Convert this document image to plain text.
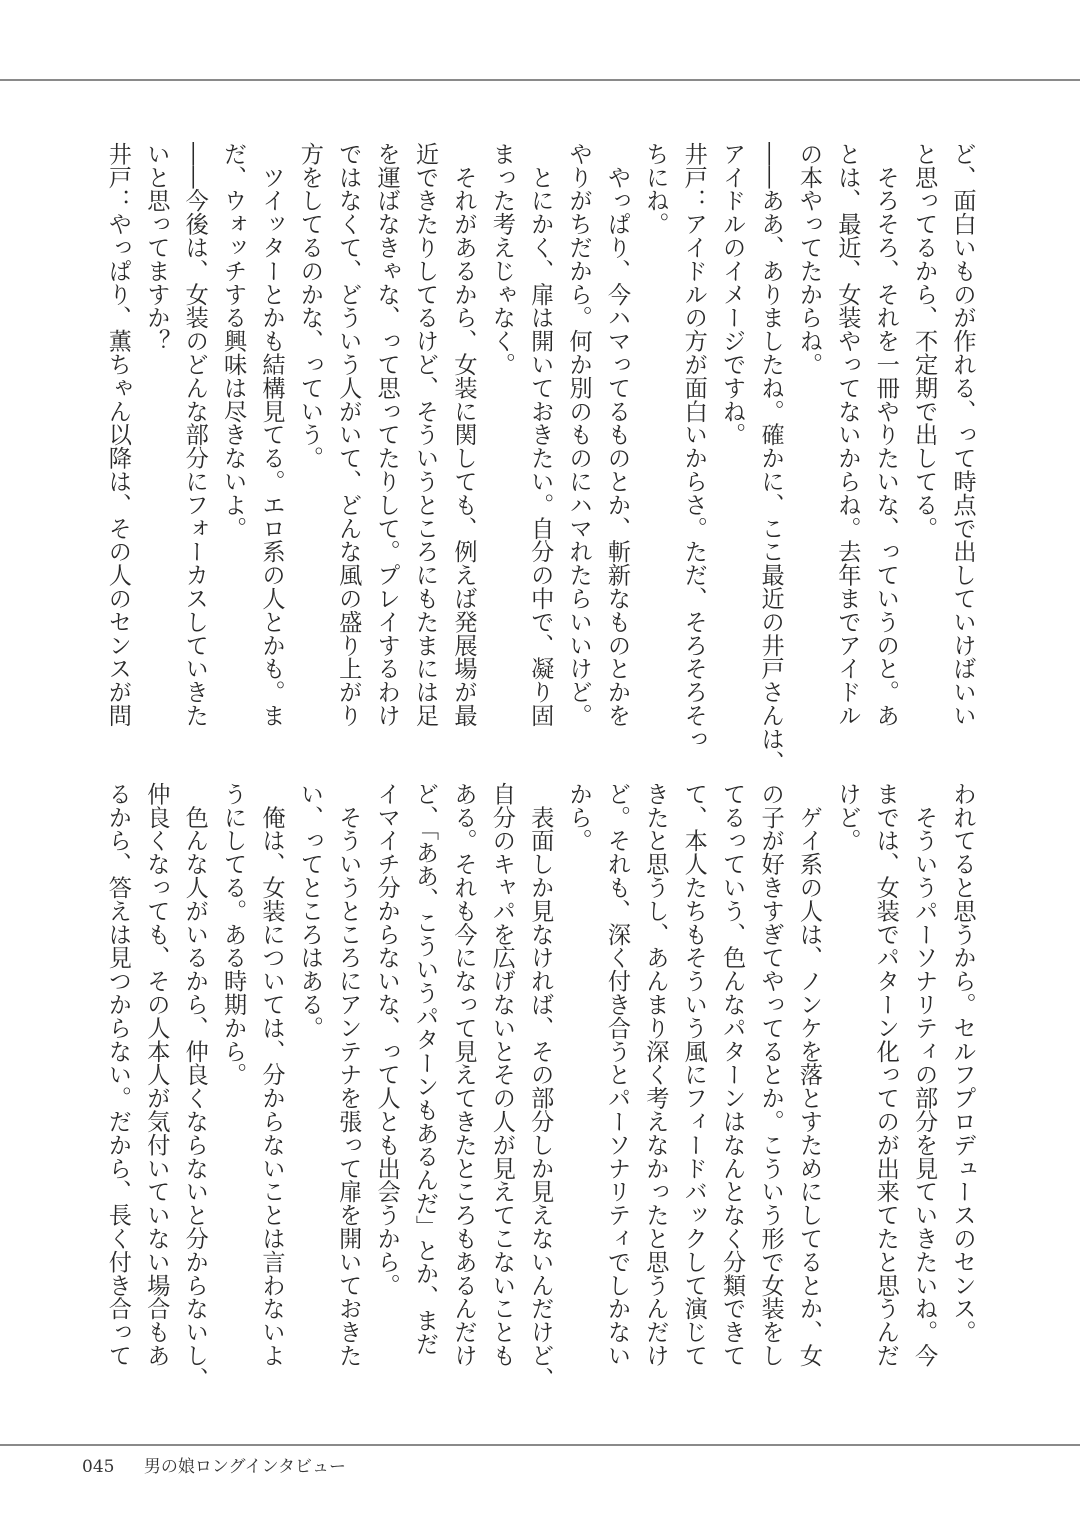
ど、面白いものが作れる、って時点で出していけばいい
と思ってるから、不定期で出してる。
　そろそろ、それを一冊やりたいな、っていうのと。あ
とは、最近、女装やってないからね。去年までアイドル
の本やってたからね。
――ああ、ありましたね。確かに、ここ最近の井戸さんは、
アイドルのイメージですね。
井戸：アイドルの方が面白いからさ。ただ、そろそろそっ
ちにね。
　やっぱり、今ハマってるものとか、斬新なものとかを
やりがちだから。何か別のものにハマれたらいいけど。
　とにかく、扉は開いておきたい。自分の中で、凝り固
まった考えじゃなく。
　それがあるから、女装に関しても、例えば発展場が最
近できたりしてるけど、そういうところにもたまには足
を運ばなきゃな、って思ってたりして。プレイするわけ
ではなくて、どういう人がいて、どんな風の盛り上がり
方をしてるのかな、っていう。
　ツイッターとかも結構見てる。エロ系の人とかも。ま
だ、ウォッチする興味は尽きないよ。
――今後は、女装のどんな部分にフォーカスしていきた
いと思ってますか？
井戸：やっぱり、薫ちゃん以降は、その人のセンスが問
われてると思うから。セルフプロデュースのセンス。
　そういうパーソナリティの部分を見ていきたいね。今
までは、女装でパターン化ってのが出来てたと思うんだ
けど。
　ゲイ系の人は、ノンケを落とすためにしてるとか、女
の子が好きすぎてやってるとか。こういう形で女装をし
てるっていう、色んなパターンはなんとなく分類できて
て、本人たちもそういう風にフィードバックして演じて
きたと思うし、あんまり深く考えなかったと思うんだけ
ど。それも、深く付き合うとパーソナリティでしかない
から。
　表面しか見なければ、その部分しか見えないんだけど、
自分のキャパを広げないとその人が見えてこないことも
ある。それも今になって見えてきたところもあるんだけ
ど、「ああ、こういうパターンもあるんだ」とか、まだ
イマイチ分からないな、って人とも出会うから。
　そういうところにアンテナを張って扉を開いておきた
い、ってところはある。
　俺は、女装については、分からないことは言わないよ
うにしてる。ある時期から。
　色んな人がいるから、仲良くならないと分からないし、
仲良くなっても、その人本人が気付いていない場合もあ
るから、答えは見つからない。だから、長く付き合って
045 男の娘ロングインタビュー
